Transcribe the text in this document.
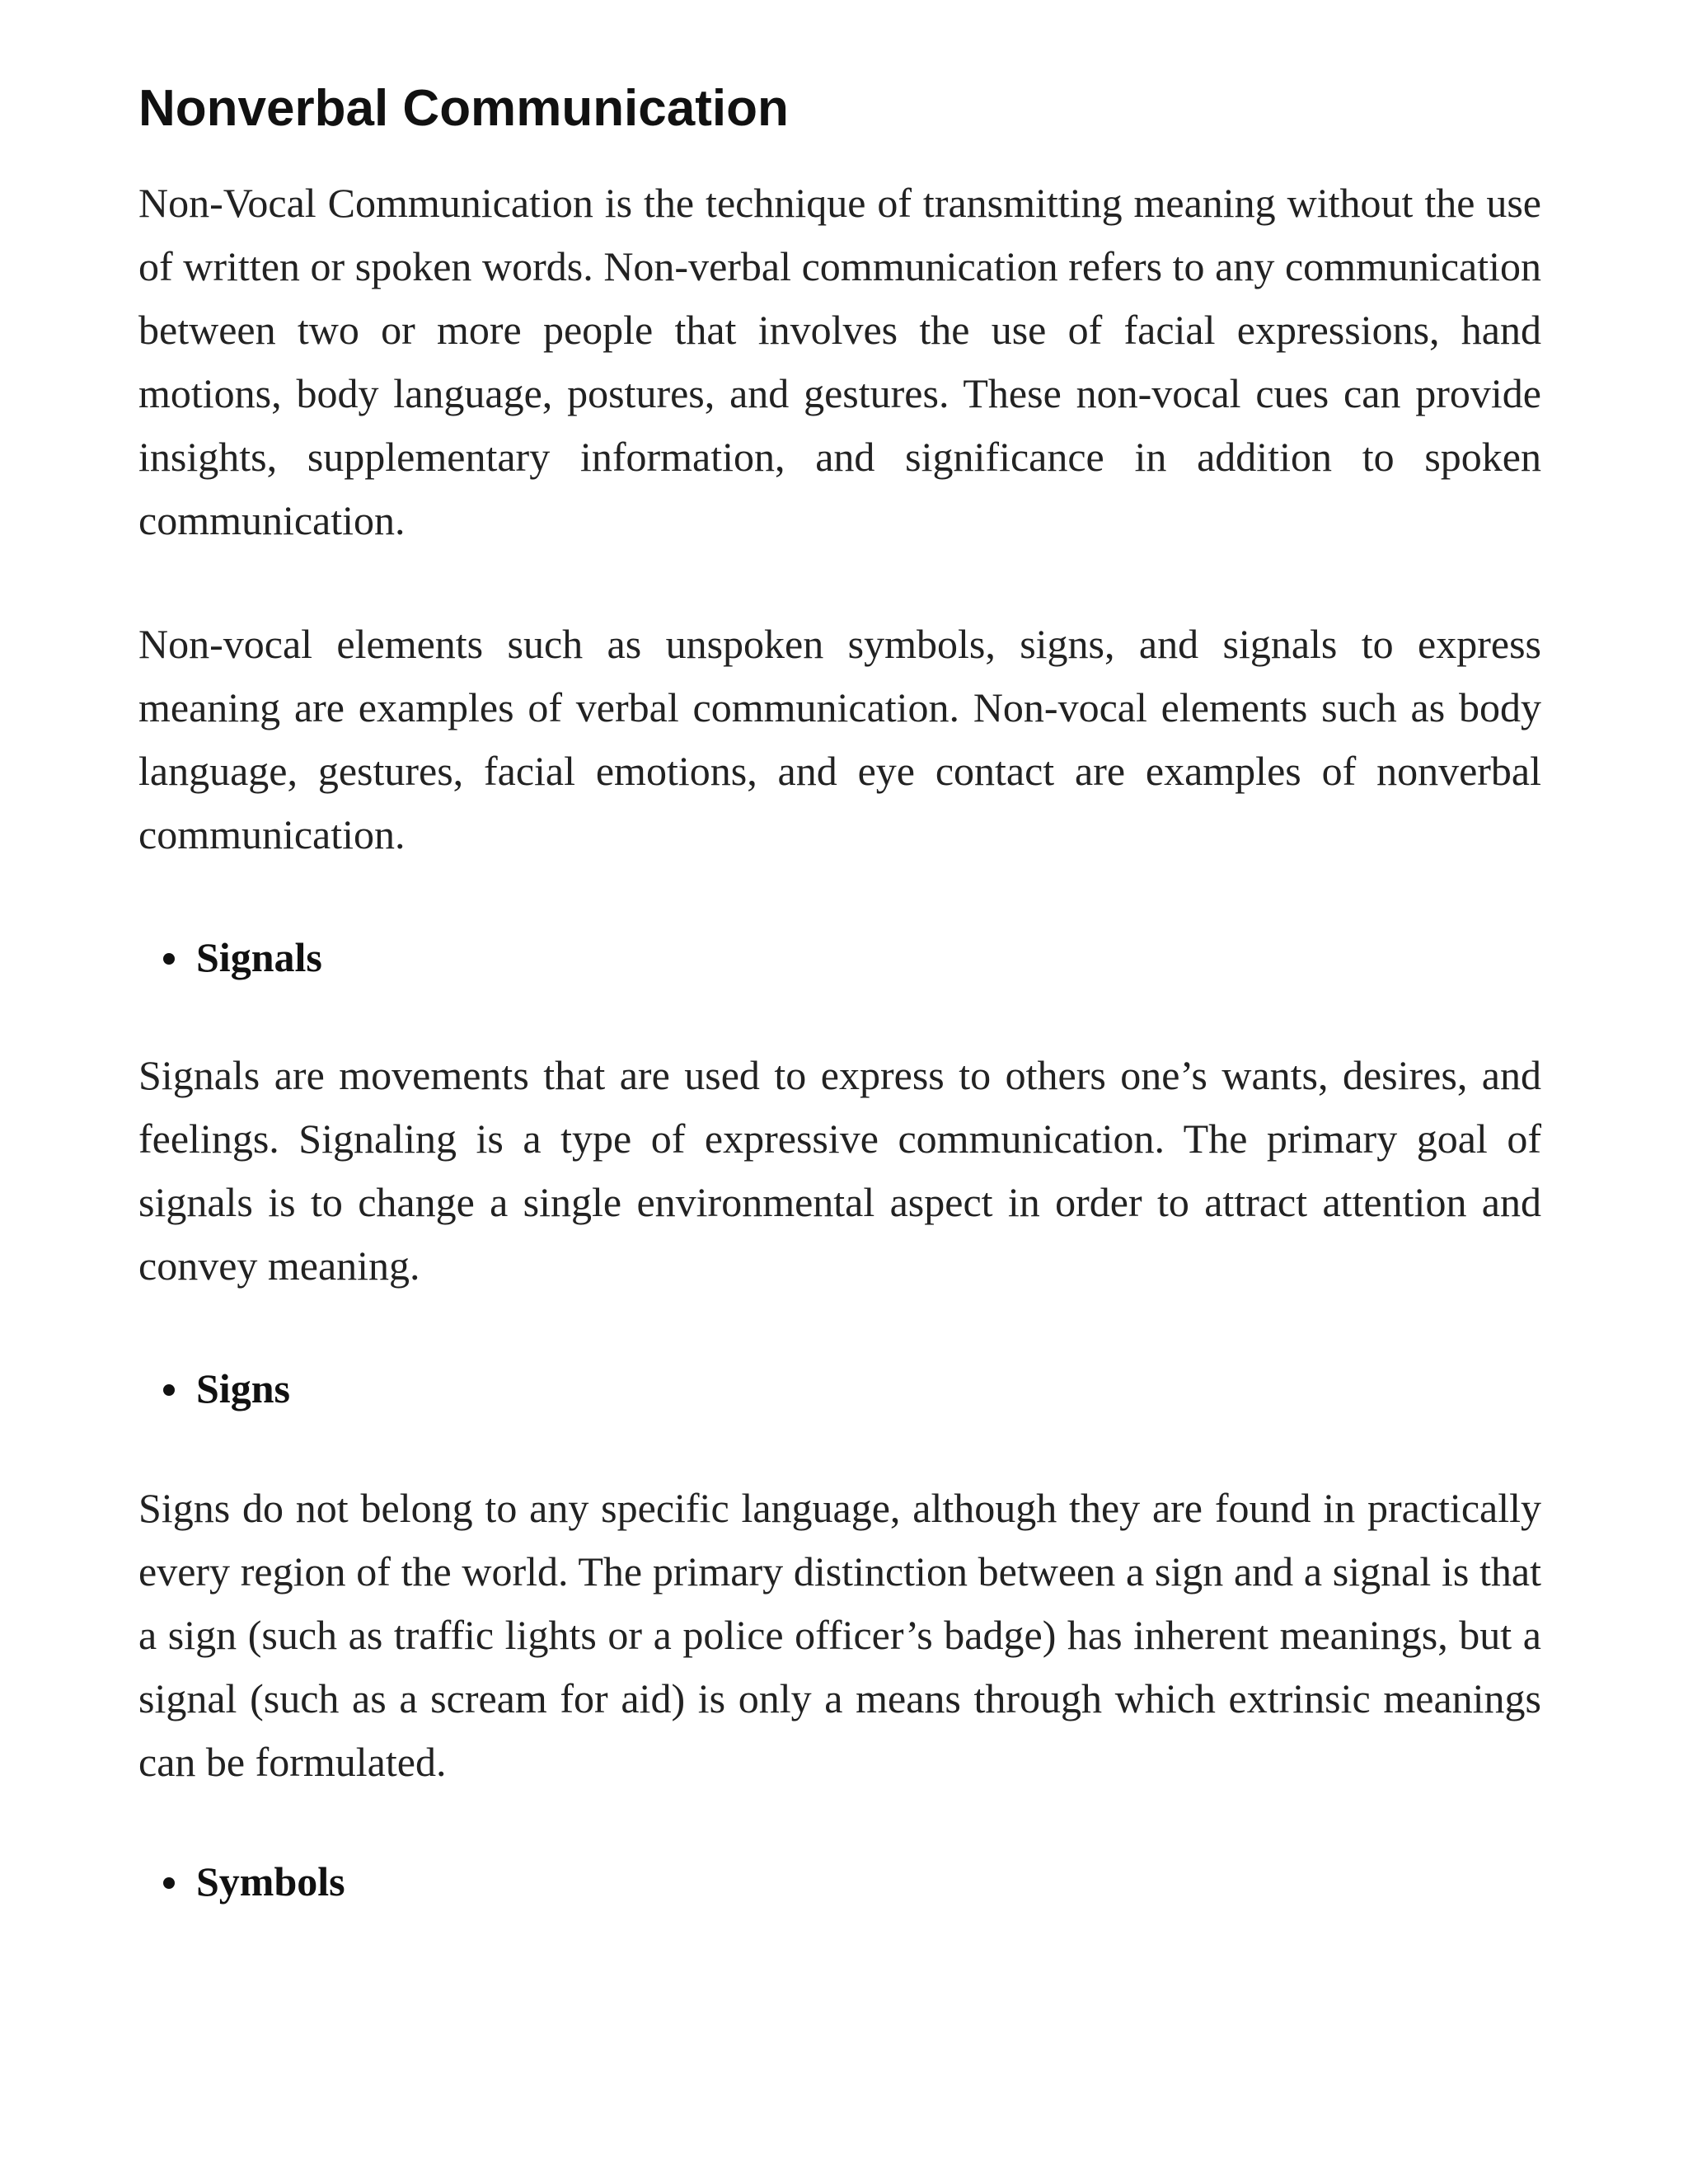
Nonverbal Communication

Non-Vocal Communication is the technique of transmitting meaning without the use of written or spoken words. Non-verbal communication refers to any communication between two or more people that involves the use of facial expressions, hand motions, body language, postures, and gestures. These non-vocal cues can provide insights, supplementary information, and significance in addition to spoken communication.

Non-vocal elements such as unspoken symbols, signs, and signals to express meaning are examples of verbal communication. Non-vocal elements such as body language, gestures, facial emotions, and eye contact are examples of nonverbal communication.

Signals

Signals are movements that are used to express to others one’s wants, desires, and feelings. Signaling is a type of expressive communication. The primary goal of signals is to change a single environmental aspect in order to attract attention and convey meaning.

Signs

Signs do not belong to any specific language, although they are found in practically every region of the world. The primary distinction between a sign and a signal is that a sign (such as traffic lights or a police officer’s badge) has inherent meanings, but a signal (such as a scream for aid) is only a means through which extrinsic meanings can be formulated.

Symbols
